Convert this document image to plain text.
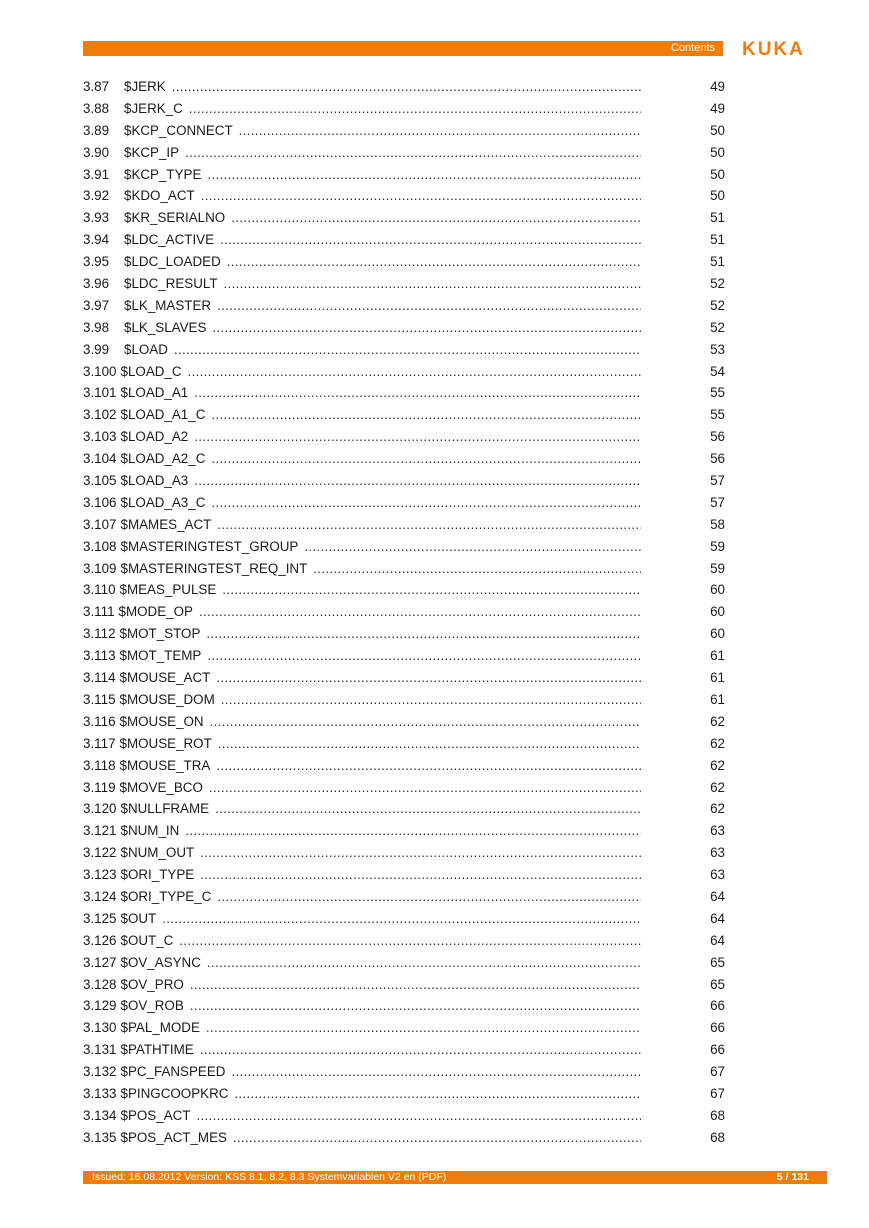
Contents KUKA
3.87	$JERK .....	49
3.88	$JERK_C .....	49
3.89	$KCP_CONNECT .....	50
3.90	$KCP_IP .....	50
3.91	$KCP_TYPE .....	50
3.92	$KDO_ACT .....	50
3.93	$KR_SERIALNO .....	51
3.94	$LDC_ACTIVE .....	51
3.95	$LDC_LOADED .....	51
3.96	$LDC_RESULT .....	52
3.97	$LK_MASTER .....	52
3.98	$LK_SLAVES .....	52
3.99	$LOAD .....	53
3.100 $LOAD_C .....	54
3.101 $LOAD_A1 .....	55
3.102 $LOAD_A1_C .....	55
3.103 $LOAD_A2 .....	56
3.104 $LOAD_A2_C .....	56
3.105 $LOAD_A3 .....	57
3.106 $LOAD_A3_C .....	57
3.107 $MAMES_ACT .....	58
3.108 $MASTERINGTEST_GROUP .....	59
3.109 $MASTERINGTEST_REQ_INT .....	59
3.110 $MEAS_PULSE .....	60
3.111 $MODE_OP .....	60
3.112 $MOT_STOP .....	60
3.113 $MOT_TEMP .....	61
3.114 $MOUSE_ACT .....	61
3.115 $MOUSE_DOM .....	61
3.116 $MOUSE_ON .....	62
3.117 $MOUSE_ROT .....	62
3.118 $MOUSE_TRA .....	62
3.119 $MOVE_BCO .....	62
3.120 $NULLFRAME .....	62
3.121 $NUM_IN .....	63
3.122 $NUM_OUT .....	63
3.123 $ORI_TYPE .....	63
3.124 $ORI_TYPE_C .....	64
3.125 $OUT .....	64
3.126 $OUT_C .....	64
3.127 $OV_ASYNC .....	65
3.128 $OV_PRO .....	65
3.129 $OV_ROB .....	66
3.130 $PAL_MODE .....	66
3.131 $PATHTIME .....	66
3.132 $PC_FANSPEED .....	67
3.133 $PINGCOOPKRC .....	67
3.134 $POS_ACT .....	68
3.135 $POS_ACT_MES .....	68
Issued: 16.08.2012 Version: KSS 8.1, 8.2, 8.3 Systemvariablen V2 en (PDF)	5 / 131
